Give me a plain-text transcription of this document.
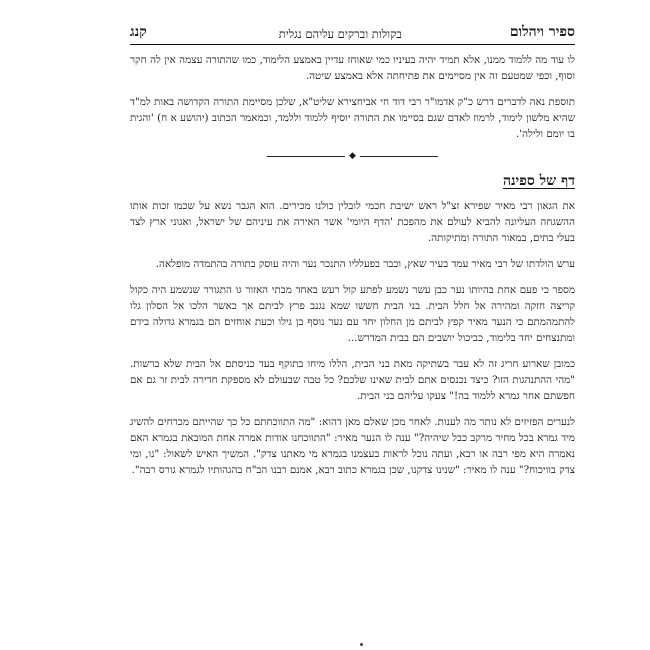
ספיר ויהלום
בקולות וברקים עליהם נגלית
קנג

לו עוד מה ללמוד ממנו, אלא תמיד יהיה בעיניו כמי שאוחז עדיין באמצע הלימוד, כמו שהתורה עצמה אין לה חקר וסוף, וכפי שמטעם זה אין מסיימים את פתיחתה אלא באמצע שיטה.

תוספת נאה לדברים דרש כ"ק אדמו"ר רבי דוד חי אביחצירא שליט"א, שלכן מסיימת התורה הקדושה באות למ"ד שהיא מלשון לימוד, לרמוז לאדם שגם בסיימו את התורה יוסיף ללמוד וללמד, וכמאמר הכתוב (יהושע א ח) 'והגית בו יומם ולילה'.

◆
דף של ספינה

את הגאון רבי מאיר שפירא זצ"ל ראש ישיבת חכמי לובלין כולנו מכירים. הוא הגבר נשא על שכמו זכות אותו ההשגחה העליונה להביא לעולם את מהפכת 'הדף היומי' אשר האירה את עיניהם של ישראל, ואגוני ארץ לצד בעלי בתים, במאור התורה ומתיקותה.

ערש הולדתו של רבי מאיר עמד בעיר שאץ, וכבר בפעלליו התנכר נער והיה עוסק בתורה בהתמדה מופלאה.

מספר כי פעם אחת בהיותו נער כבן עשר נשמע לפתע קול רעש באחד מבתי האזור גו התגורר שנשמע היה כקול קריצה חזקה ומהירה אל חלל הבית. בני הבית חששו שמא נגנב פרץ לביתם אך כאשר הלכו אל הסלון גלו להתמהמתם כי הנער מאיר קפץ לביתם מן החלון יחד עם נער נוסף בן גילו וכעת אוחזים הם בגמרא גדולה בידם ומתנצחים יחד בלימוד, כביכול יושבים הם בבית המדרש...

כמובן שארוע חריג זה לא עבר בשתיקה מאת בני הבית, הללו מיחו בתוקף בעד כניסתם אל הבית שלא ברשות. "מהי ההתנהגות הזו? כיצד נכנסים אתם לבית שאינו שלכם? כל טבה שבעולם לא מספקת חדירה לבית זר גם אם חפשתם אחר גמרא ללמוד בה!" צעקו עליהם בני הבית.

לנערים הפזיזים לא נותר מה לענות. לאחר מכן שאלם מאן דהוא: "מה התווכחתם כל כך שהייתם מכרחים להשיג מיד גמרא בכל מחיר מרקב כבל שיהיה?" ענה לו הנער מאיר: "התווכחנו אודות אמרה אחת המובאת בגמרא האם נאמרה היא מפי רבה או רבא, ועתה נוכל לראות בעצמנו בגמרא מי מאתנו צדק". המשיך האיש לשאול: "נו, ומי צדק בוויכוח?" ענה לו מאיר: "שנינו צדקנו, שכן בגמרא כתוב רבא, אמנם רבנו הב"ח בהגהותיו לגמרא גורס רבה".
